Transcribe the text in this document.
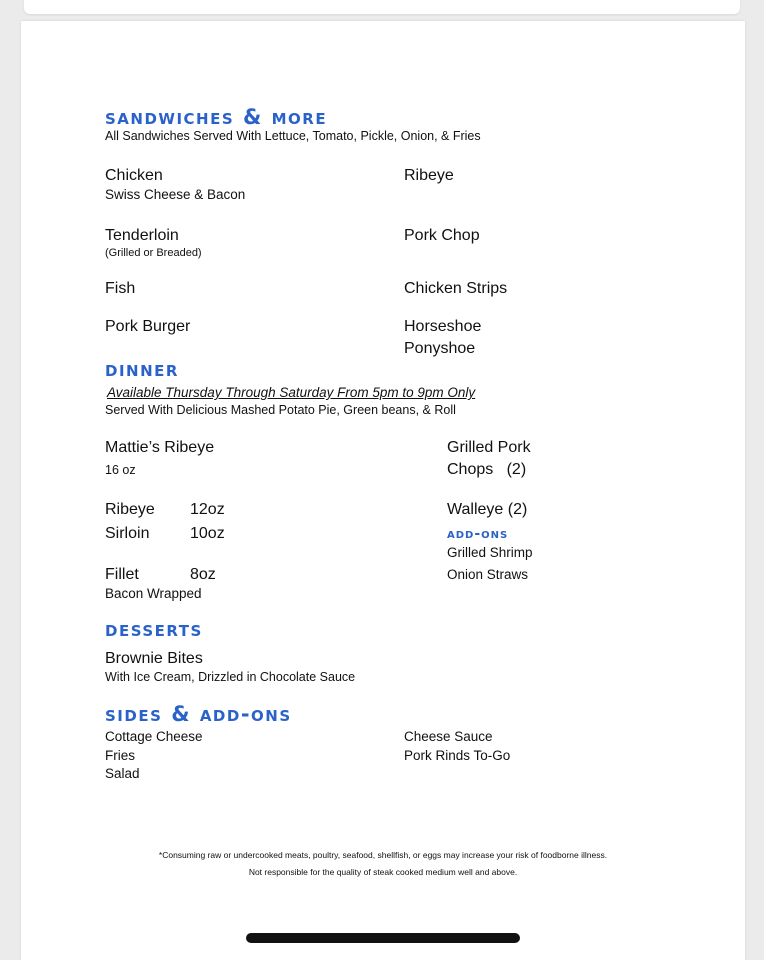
sandwiches & more
All Sandwiches Served With Lettuce, Tomato, Pickle, Onion, & Fries
Chicken
Swiss Cheese & Bacon
Ribeye
Tenderloin
(Grilled or Breaded)
Pork Chop
Fish	Chicken Strips
Pork Burger	Horseshoe
Ponyshoe
dinner
Available Thursday Through Saturday From 5pm to 9pm Only
Served With Delicious Mashed Potato Pie, Green beans, & Roll
Mattie’s Ribeye
16 oz
Grilled Pork
Chops   (2)
Ribeye 12oz	Walleye (2)
Sirloin	10oz	add-ons
Grilled Shrimp
Fillet	8oz	Onion Straws
Bacon Wrapped
desserts
Brownie Bites
With Ice Cream, Drizzled in Chocolate Sauce
sides & add-ons
Cottage Cheese
Fries
Salad
Cheese Sauce
Pork Rinds To-Go
*Consuming raw or undercooked meats, poultry, seafood, shellfish, or eggs may increase your risk of foodborne illness.
Not responsible for the quality of steak cooked medium well and above.
